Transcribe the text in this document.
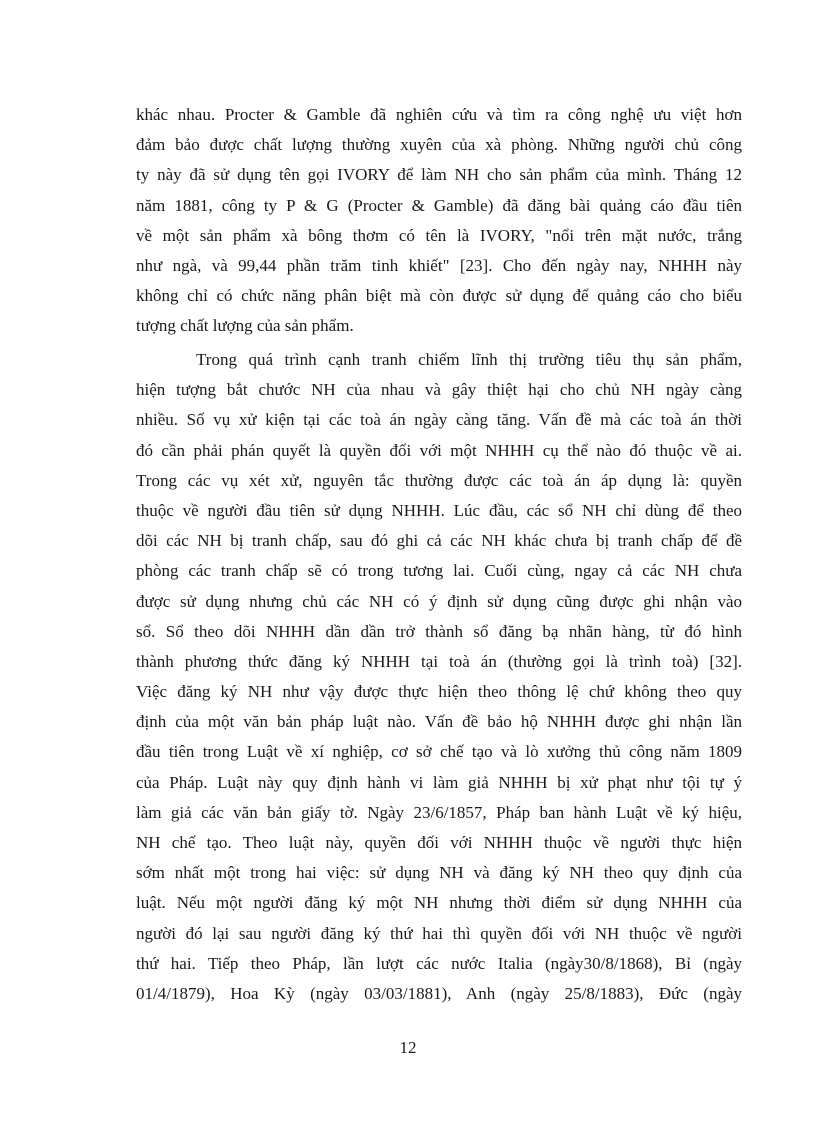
khác nhau. Procter & Gamble đã nghiên cứu và tìm ra công nghệ ưu việt hơn
đảm bảo được chất lượng thường xuyên của xà phòng. Những người chủ công
ty này đã sử dụng tên gọi IVORY để làm NH cho sản phẩm của mình. Tháng 12
năm 1881, công ty P & G (Procter & Gamble) đã đăng bài quảng cáo đầu tiên
về một sản phẩm xà bông thơm có tên là IVORY, "nổi trên mặt nước, trắng
như ngà, và 99,44 phần trăm tinh khiết" [23]. Cho đến ngày nay, NHHH này
không chỉ có chức năng phân biệt mà còn được sử dụng để quảng cáo cho biểu
tượng chất lượng của sản phẩm.
Trong quá trình cạnh tranh chiếm lĩnh thị trường tiêu thụ sản phẩm,
hiện tượng bắt chước NH của nhau và gây thiệt hại cho chủ NH ngày càng
nhiều. Số vụ xử kiện tại các toà án ngày càng tăng. Vấn đề mà các toà án thời
đó cần phải phán quyết là quyền đối với một NHHH cụ thể nào đó thuộc về ai.
Trong các vụ xét xử, nguyên tắc thường được các toà án áp dụng là: quyền
thuộc về người đầu tiên sử dụng NHHH. Lúc đầu, các sổ NH chỉ dùng để theo
dõi các NH bị tranh chấp, sau đó ghi cả các NH khác chưa bị tranh chấp để đề
phòng các tranh chấp sẽ có trong tương lai. Cuối cùng, ngay cả các NH chưa
được sử dụng nhưng chủ các NH có ý định sử dụng cũng được ghi nhận vào
sổ. Sổ theo dõi NHHH dần dần trở thành sổ đăng bạ nhãn hàng, từ đó hình
thành phương thức đăng ký NHHH tại toà án (thường gọi là trình toà) [32].
Việc đăng ký NH như vậy được thực hiện theo thông lệ chứ không theo quy
định của một văn bản pháp luật nào. Vấn đề bảo hộ NHHH được ghi nhận lần
đầu tiên trong Luật về xí nghiệp, cơ sở chế tạo và lò xưởng thủ công năm 1809
của Pháp. Luật này quy định hành vi làm giả NHHH bị xử phạt như tội tự ý
làm giả các văn bản giấy tờ. Ngày 23/6/1857, Pháp ban hành Luật về ký hiệu,
NH chế tạo. Theo luật này, quyền đối với NHHH thuộc về người thực hiện
sớm nhất một trong hai việc: sử dụng NH và đăng ký NH theo quy định của
luật. Nếu một người đăng ký một NH nhưng thời điểm sử dụng NHHH của
người đó lại sau người đăng ký thứ hai thì quyền đối với NH thuộc về người
thứ hai. Tiếp theo Pháp, lần lượt các nước Italia (ngày30/8/1868), Bỉ (ngày
01/4/1879), Hoa Kỳ (ngày 03/03/1881), Anh (ngày 25/8/1883), Đức (ngày
12
